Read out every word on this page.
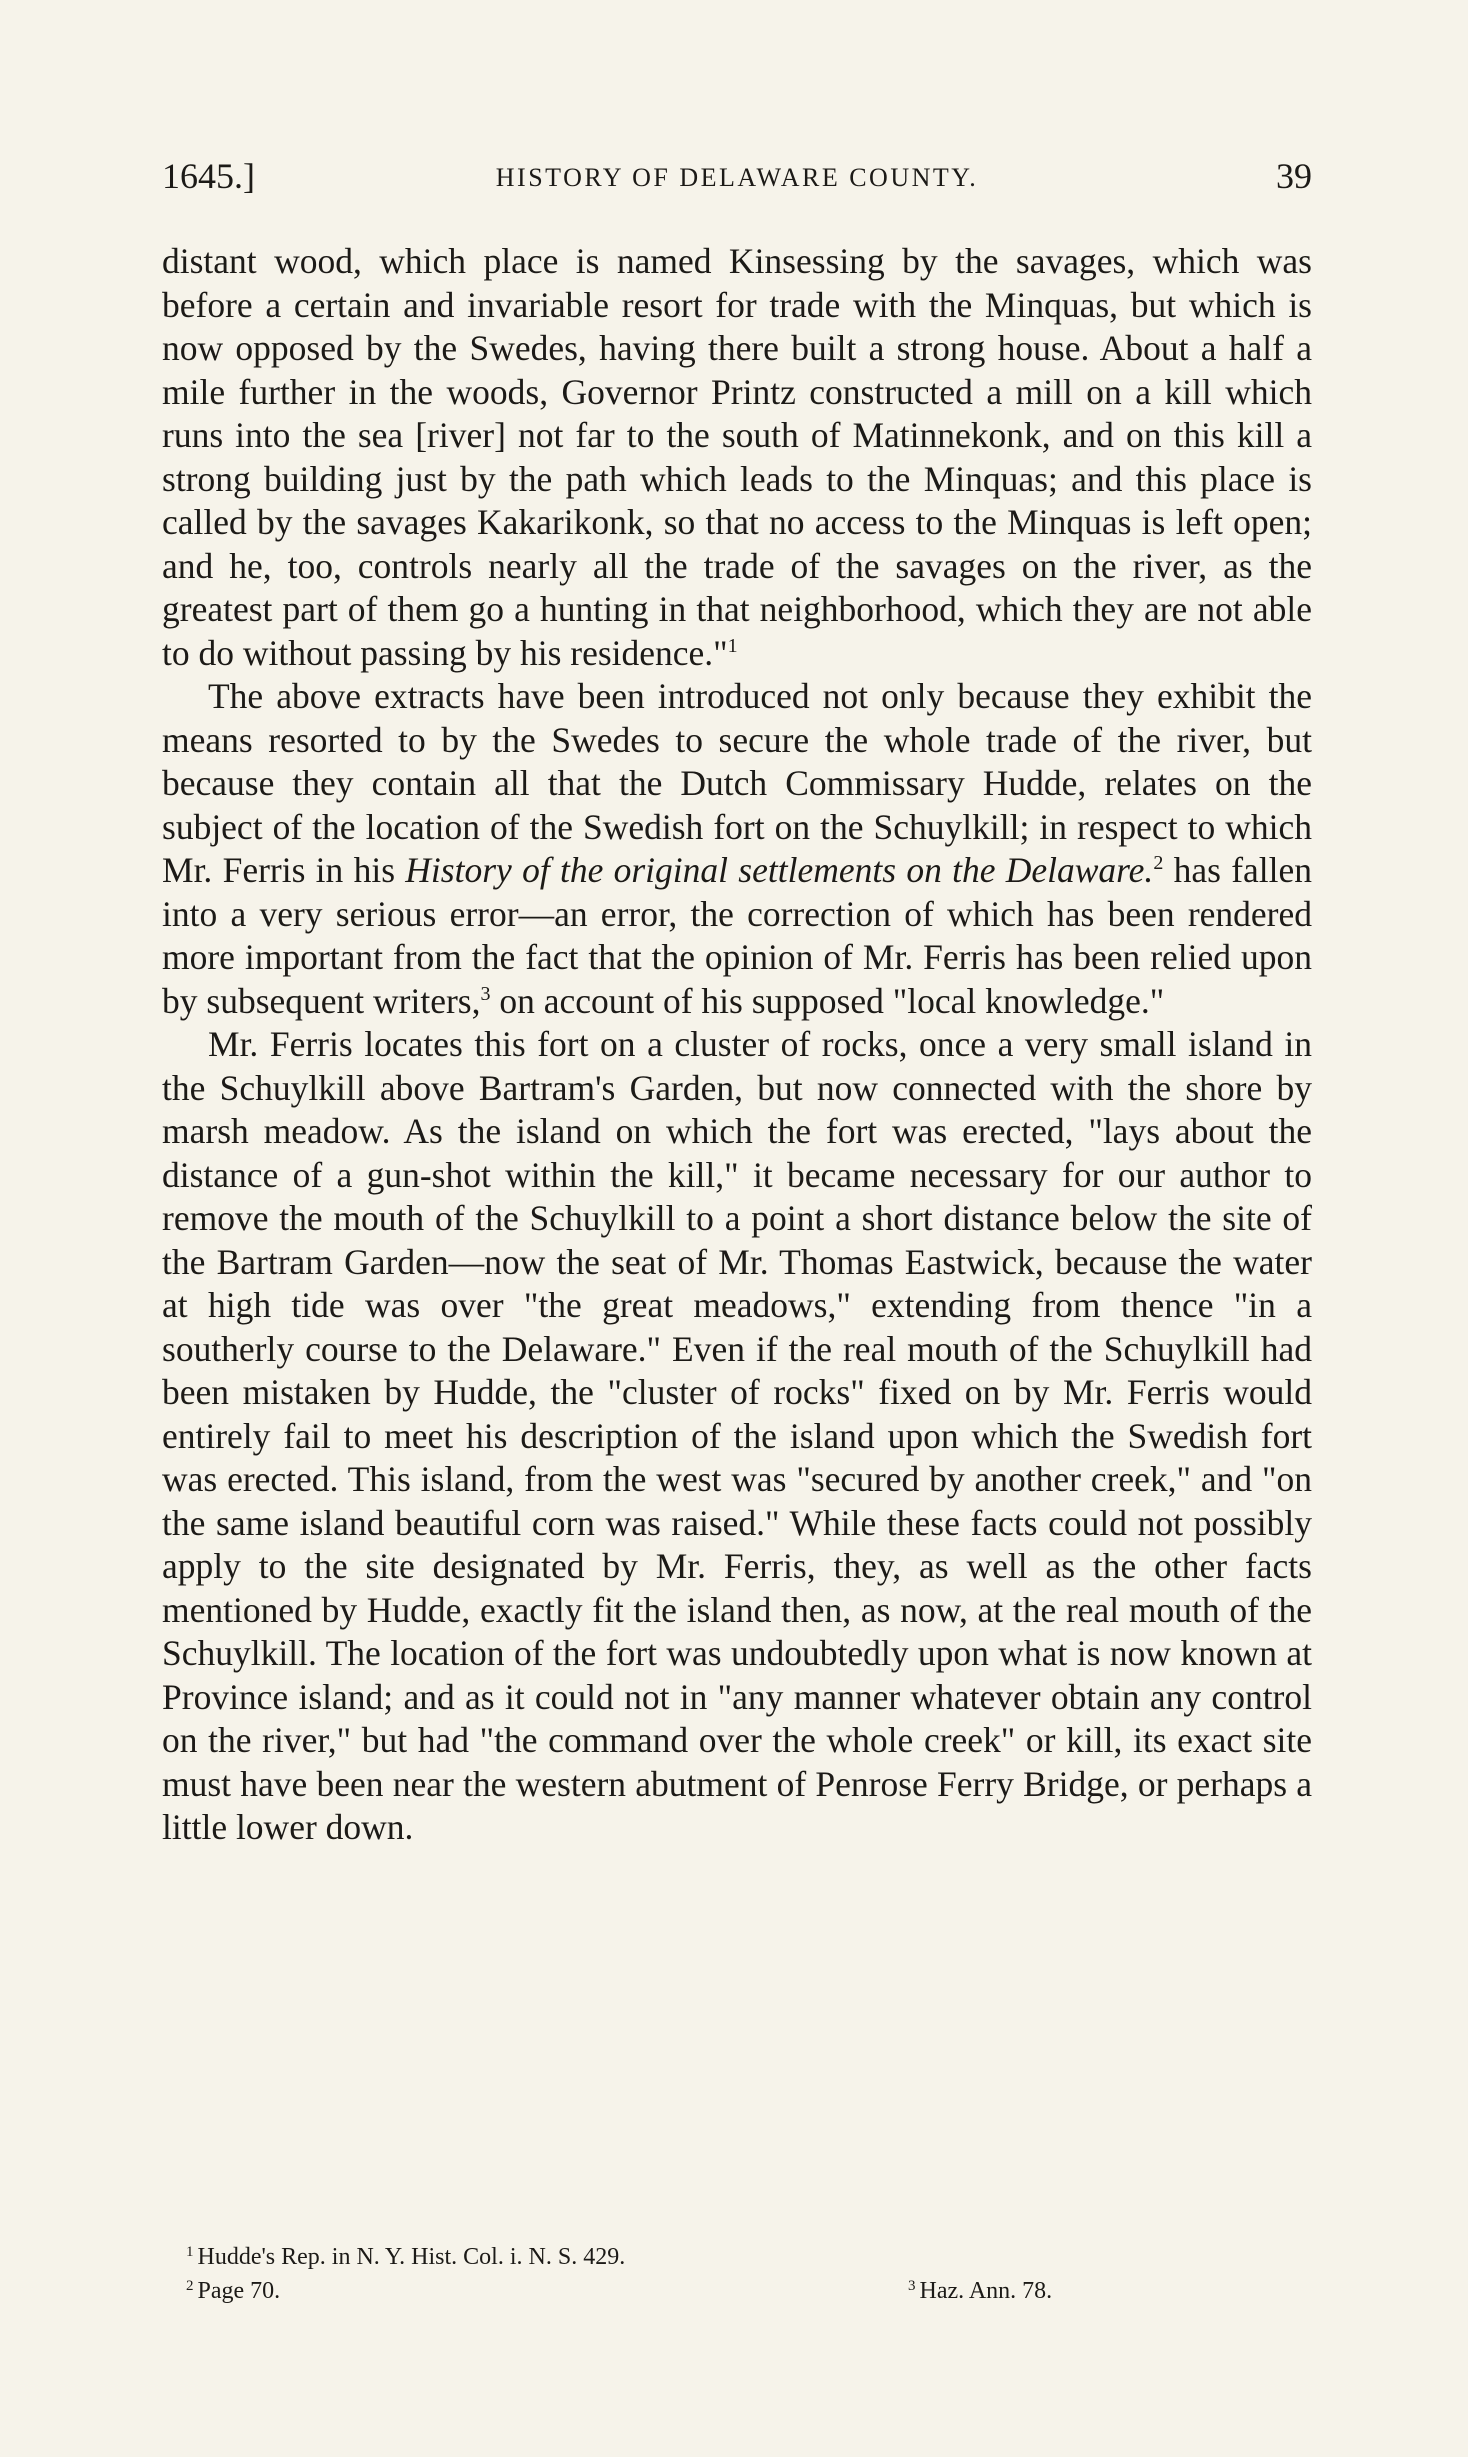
1645.]	HISTORY OF DELAWARE COUNTY.	39

distant wood, which place is named Kinsessing by the savages, which was before a certain and invariable resort for trade with the Minquas, but which is now opposed by the Swedes, having there built a strong house. About a half a mile further in the woods, Governor Printz constructed a mill on a kill which runs into the sea [river] not far to the south of Matinnekonk, and on this kill a strong building just by the path which leads to the Minquas; and this place is called by the savages Kakarikonk, so that no access to the Minquas is left open; and he, too, controls nearly all the trade of the savages on the river, as the greatest part of them go a hunting in that neighborhood, which they are not able to do without passing by his residence."$^1$

The above extracts have been introduced not only because they exhibit the means resorted to by the Swedes to secure the whole trade of the river, but because they contain all that the Dutch Commissary Hudde, relates on the subject of the location of the Swedish fort on the Schuylkill; in respect to which Mr. Ferris in his History of the original settlements on the Delaware.$^2$ has fallen into a very serious error—an error, the correction of which has been rendered more important from the fact that the opinion of Mr. Ferris has been relied upon by subsequent writers,$^3$ on account of his supposed "local knowledge."

Mr. Ferris locates this fort on a cluster of rocks, once a very small island in the Schuylkill above Bartram's Garden, but now connected with the shore by marsh meadow. As the island on which the fort was erected, "lays about the distance of a gun-shot within the kill," it became necessary for our author to remove the mouth of the Schuylkill to a point a short distance below the site of the Bartram Garden—now the seat of Mr. Thomas Eastwick, because the water at high tide was over "the great meadows," extending from thence "in a southerly course to the Delaware." Even if the real mouth of the Schuylkill had been mistaken by Hudde, the "cluster of rocks" fixed on by Mr. Ferris would entirely fail to meet his description of the island upon which the Swedish fort was erected. This island, from the west was "secured by another creek," and "on the same island beautiful corn was raised." While these facts could not possibly apply to the site designated by Mr. Ferris, they, as well as the other facts mentioned by Hudde, exactly fit the island then, as now, at the real mouth of the Schuylkill. The location of the fort was undoubtedly upon what is now known at Province island; and as it could not in "any manner whatever obtain any control on the river," but had "the command over the whole creek" or kill, its exact site must have been near the western abutment of Penrose Ferry Bridge, or perhaps a little lower down.

$^1$ Hudde's Rep. in N. Y. Hist. Col. i. N. S. 429.
$^2$ Page 70.	$^3$ Haz. Ann. 78.
